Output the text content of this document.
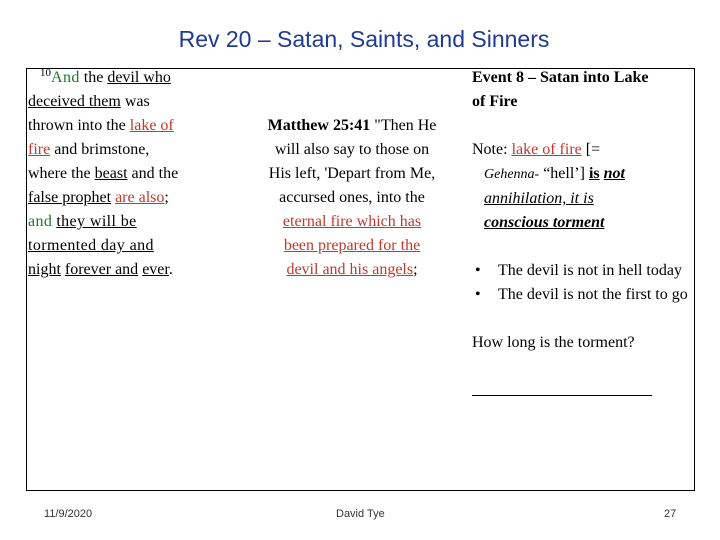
Rev 20 – Satan, Saints, and Sinners
$^{10}$And the devil who
deceived them was
thrown into the lake of
fire and brimstone,
where the beast and the
false prophet are also;
and they will be
tormented day and
night forever and ever.
Matthew 25:41 "Then He
will also say to those on
His left, 'Depart from Me,
accursed ones, into the
eternal fire which has
been prepared for the
devil and his angels;
Event 8 – Satan into Lake
of Fire

Note: lake of fire [=
Gehenna- “hell’] is not
annihilation, it is
conscious torment

• The devil is not in hell today
• The devil is not the first to go

How long is the torment?

11/9/2020	David Tye	27
